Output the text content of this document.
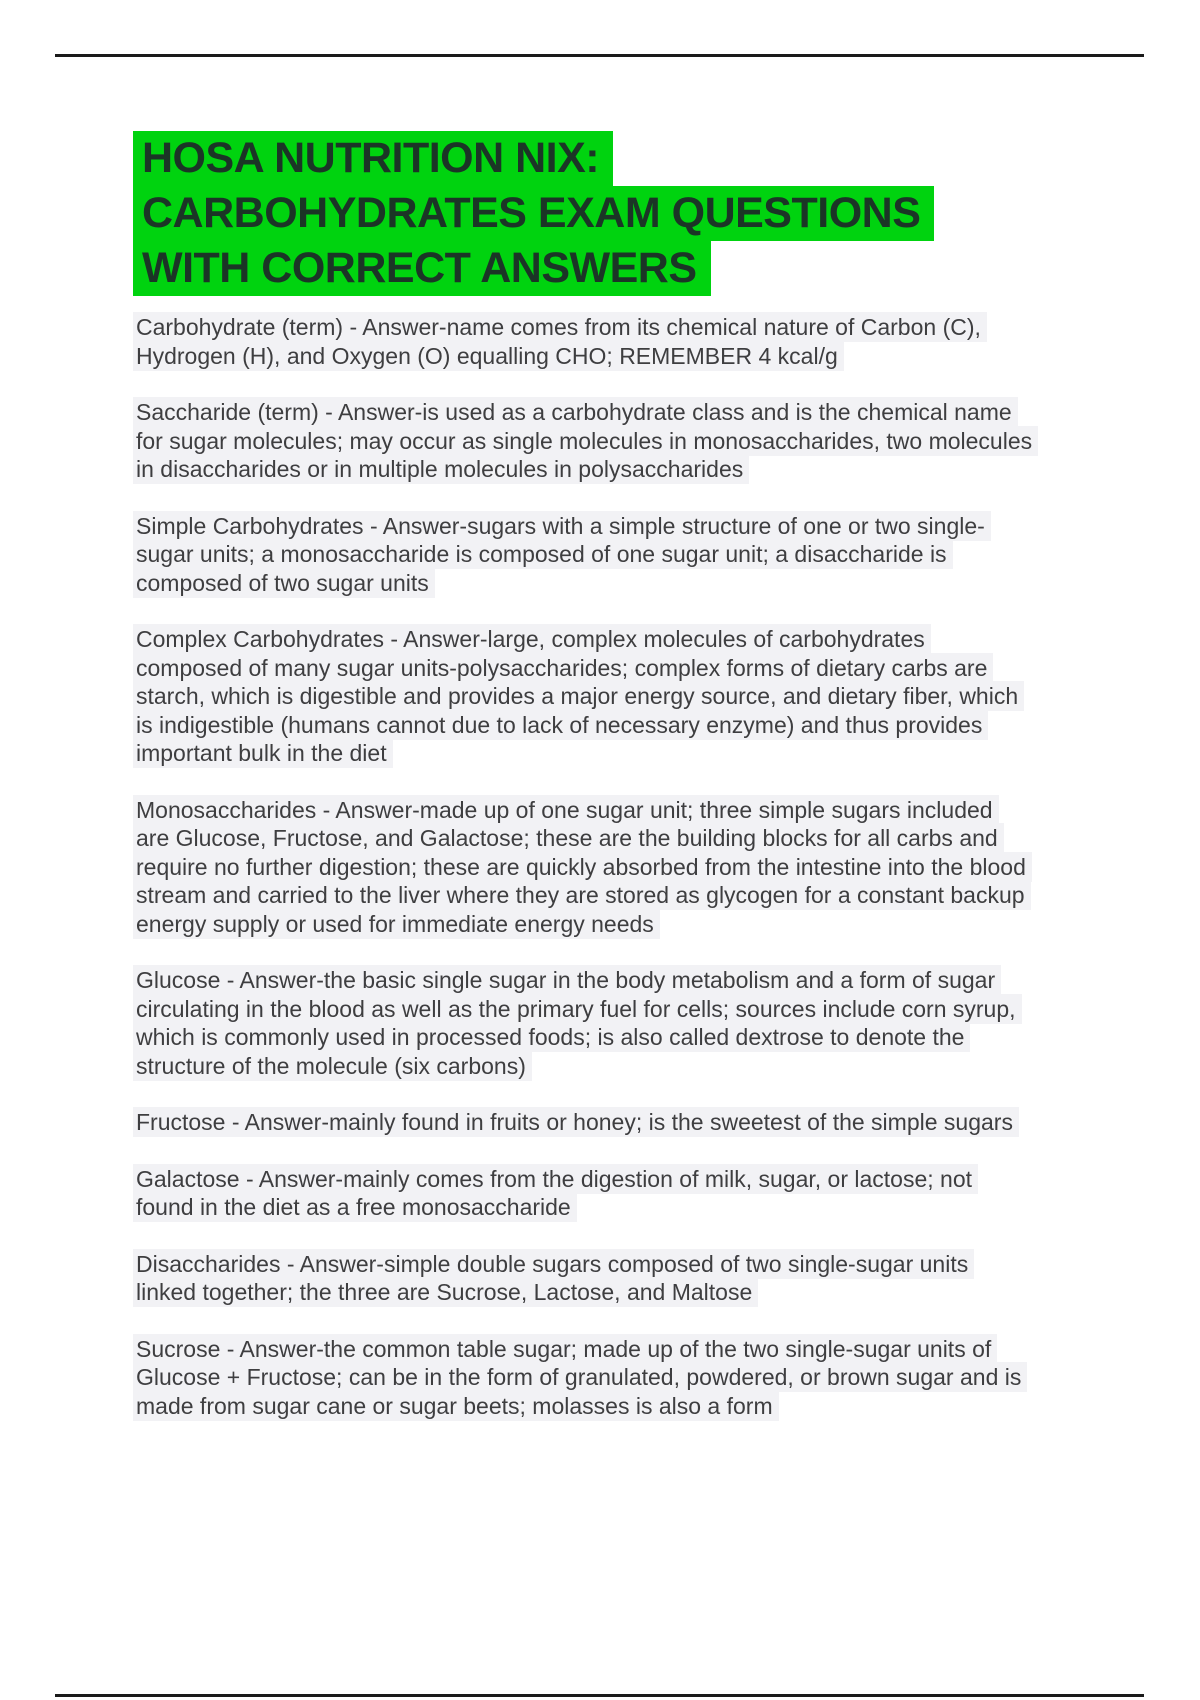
HOSA NUTRITION NIX:
CARBOHYDRATES EXAM QUESTIONS
WITH CORRECT ANSWERS

Carbohydrate (term) - Answer-name comes from its chemical nature of Carbon (C),
Hydrogen (H), and Oxygen (O) equalling CHO; REMEMBER 4 kcal/g

Saccharide (term) - Answer-is used as a carbohydrate class and is the chemical name
for sugar molecules; may occur as single molecules in monosaccharides, two molecules
in disaccharides or in multiple molecules in polysaccharides

Simple Carbohydrates - Answer-sugars with a simple structure of one or two single-
sugar units; a monosaccharide is composed of one sugar unit; a disaccharide is
composed of two sugar units

Complex Carbohydrates - Answer-large, complex molecules of carbohydrates
composed of many sugar units-polysaccharides; complex forms of dietary carbs are
starch, which is digestible and provides a major energy source, and dietary fiber, which
is indigestible (humans cannot due to lack of necessary enzyme) and thus provides
important bulk in the diet

Monosaccharides - Answer-made up of one sugar unit; three simple sugars included
are Glucose, Fructose, and Galactose; these are the building blocks for all carbs and
require no further digestion; these are quickly absorbed from the intestine into the blood
stream and carried to the liver where they are stored as glycogen for a constant backup
energy supply or used for immediate energy needs

Glucose - Answer-the basic single sugar in the body metabolism and a form of sugar
circulating in the blood as well as the primary fuel for cells; sources include corn syrup,
which is commonly used in processed foods; is also called dextrose to denote the
structure of the molecule (six carbons)

Fructose - Answer-mainly found in fruits or honey; is the sweetest of the simple sugars

Galactose - Answer-mainly comes from the digestion of milk, sugar, or lactose; not
found in the diet as a free monosaccharide

Disaccharides - Answer-simple double sugars composed of two single-sugar units
linked together; the three are Sucrose, Lactose, and Maltose

Sucrose - Answer-the common table sugar; made up of the two single-sugar units of
Glucose + Fructose; can be in the form of granulated, powdered, or brown sugar and is
made from sugar cane or sugar beets; molasses is also a form
